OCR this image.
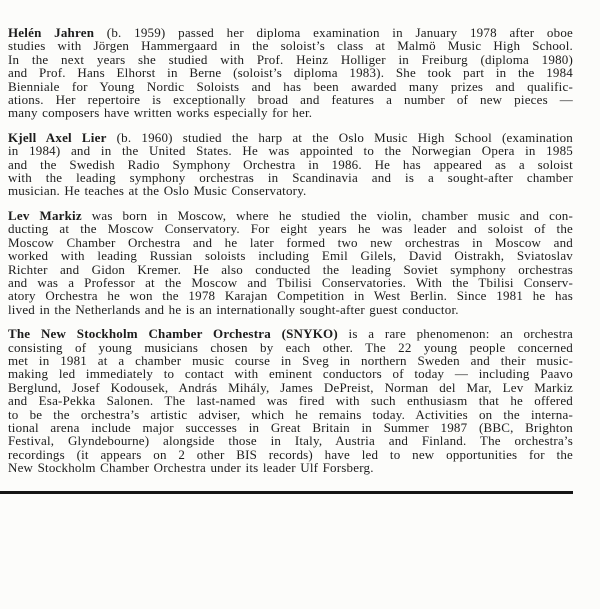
Helén Jahren (b. 1959) passed her diploma examination in January 1978 after oboe
studies with Jörgen Hammergaard in the soloist’s class at Malmö Music High School.
In the next years she studied with Prof. Heinz Holliger in Freiburg (diploma 1980)
and Prof. Hans Elhorst in Berne (soloist’s diploma 1983). She took part in the 1984
Bienniale for Young Nordic Soloists and has been awarded many prizes and qualific-
ations. Her repertoire is exceptionally broad and features a number of new pieces —
many composers have written works especially for her.

Kjell Axel Lier (b. 1960) studied the harp at the Oslo Music High School (examination
in 1984) and in the United States. He was appointed to the Norwegian Opera in 1985
and the Swedish Radio Symphony Orchestra in 1986. He has appeared as a soloist
with the leading symphony orchestras in Scandinavia and is a sought-after chamber
musician. He teaches at the Oslo Music Conservatory.

Lev Markiz was born in Moscow, where he studied the violin, chamber music and con-
ducting at the Moscow Conservatory. For eight years he was leader and soloist of the
Moscow Chamber Orchestra and he later formed two new orchestras in Moscow and
worked with leading Russian soloists including Emil Gilels, David Oistrakh, Sviatoslav
Richter and Gidon Kremer. He also conducted the leading Soviet symphony orchestras
and was a Professor at the Moscow and Tbilisi Conservatories. With the Tbilisi Conserv-
atory Orchestra he won the 1978 Karajan Competition in West Berlin. Since 1981 he has
lived in the Netherlands and he is an internationally sought-after guest conductor.

The New Stockholm Chamber Orchestra (SNYKO) is a rare phenomenon: an orchestra
consisting of young musicians chosen by each other. The 22 young people concerned
met in 1981 at a chamber music course in Sveg in northern Sweden and their music-
making led immediately to contact with eminent conductors of today — including Paavo
Berglund, Josef Kodousek, András Mihály, James DePreist, Norman del Mar, Lev Markiz
and Esa-Pekka Salonen. The last-named was fired with such enthusiasm that he offered
to be the orchestra’s artistic adviser, which he remains today. Activities on the interna-
tional arena include major successes in Great Britain in Summer 1987 (BBC, Brighton
Festival, Glyndebourne) alongside those in Italy, Austria and Finland. The orchestra’s
recordings (it appears on 2 other BIS records) have led to new opportunities for the
New Stockholm Chamber Orchestra under its leader Ulf Forsberg.
